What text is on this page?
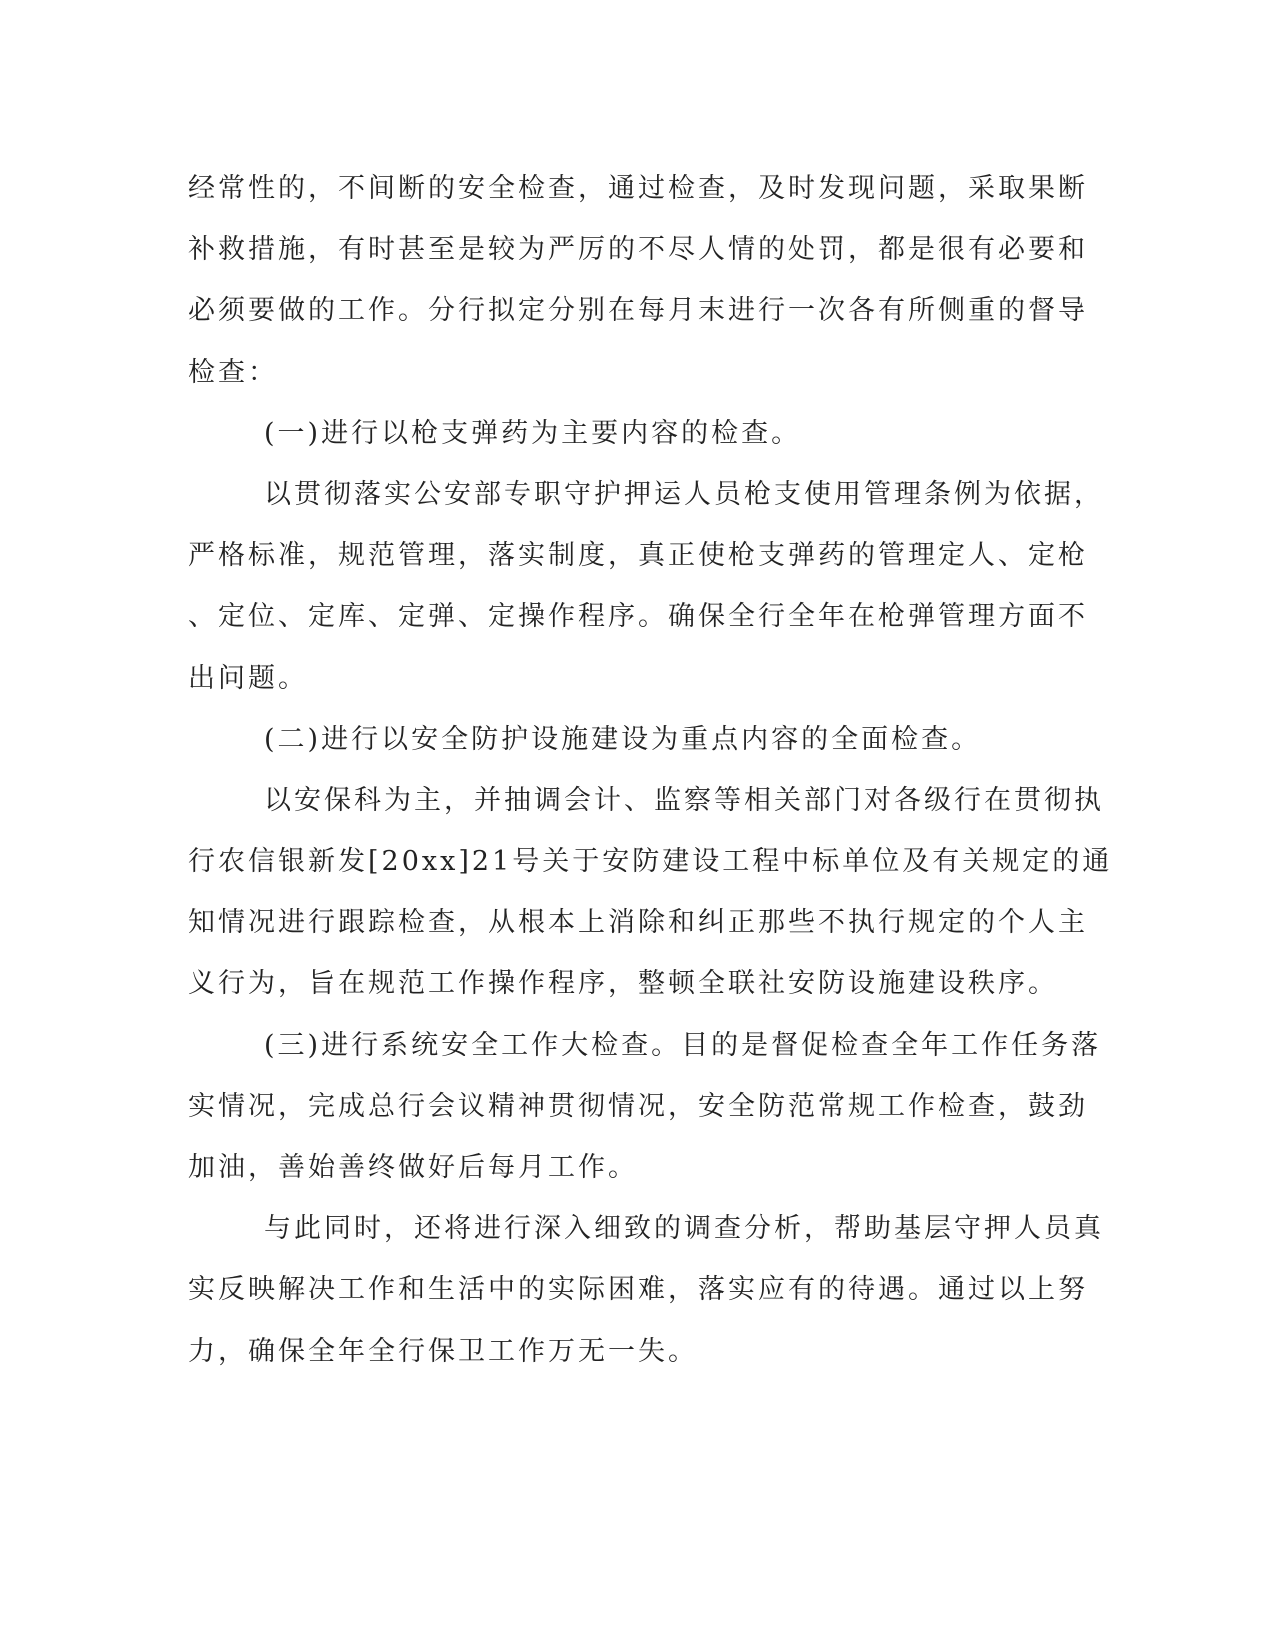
经常性的，不间断的安全检查，通过检查，及时发现问题，采取果断
补救措施，有时甚至是较为严厉的不尽人情的处罚，都是很有必要和
必须要做的工作。分行拟定分别在每月末进行一次各有所侧重的督导
检查：
(一)进行以枪支弹药为主要内容的检查。
以贯彻落实公安部专职守护押运人员枪支使用管理条例为依据，
严格标准，规范管理，落实制度，真正使枪支弹药的管理定人、定枪
、定位、定库、定弹、定操作程序。确保全行全年在枪弹管理方面不
出问题。
(二)进行以安全防护设施建设为重点内容的全面检查。
以安保科为主，并抽调会计、监察等相关部门对各级行在贯彻执
行农信银新发[20xx]21号关于安防建设工程中标单位及有关规定的通
知情况进行跟踪检查，从根本上消除和纠正那些不执行规定的个人主
义行为，旨在规范工作操作程序，整顿全联社安防设施建设秩序。
(三)进行系统安全工作大检查。目的是督促检查全年工作任务落
实情况，完成总行会议精神贯彻情况，安全防范常规工作检查，鼓劲
加油，善始善终做好后每月工作。
与此同时，还将进行深入细致的调查分析，帮助基层守押人员真
实反映解决工作和生活中的实际困难，落实应有的待遇。通过以上努
力，确保全年全行保卫工作万无一失。
